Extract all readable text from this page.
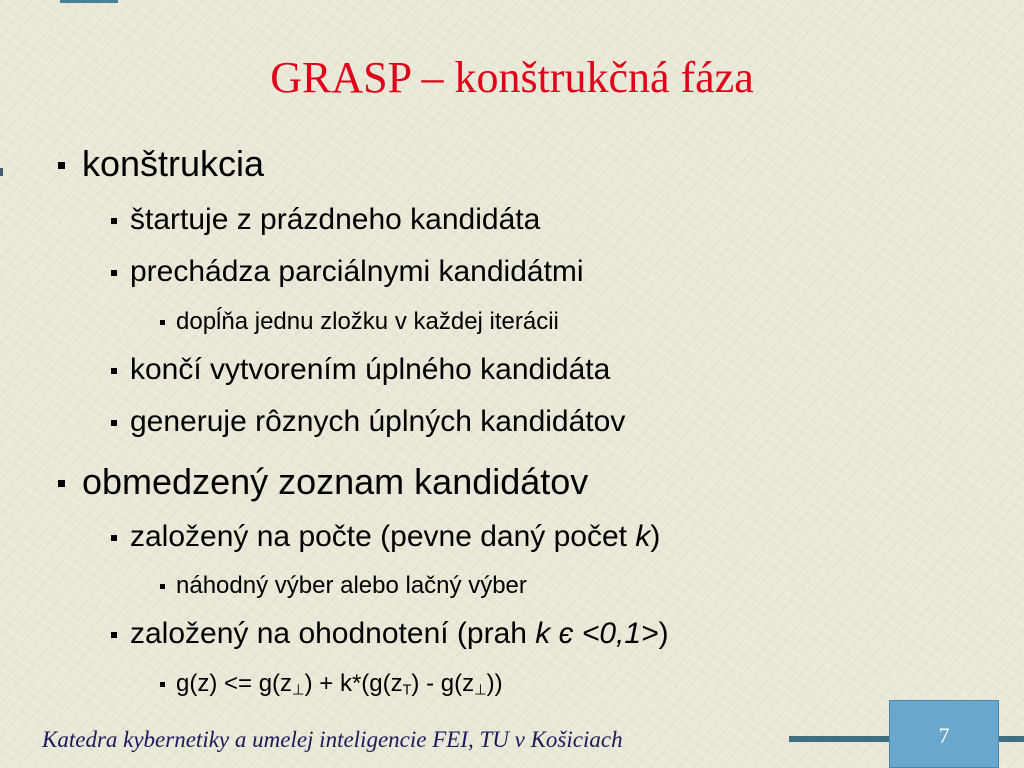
GRASP – konštrukčná fáza
konštrukcia
štartuje z prázdneho kandidáta
prechádza parciálnymi kandidátmi
dopĺňa jednu zložku v každej iterácii
končí vytvorením úplného kandidáta
generuje rôznych úplných kandidátov
obmedzený zoznam kandidátov
založený na počte (pevne daný počet k)
náhodný výber alebo lačný výber
založený na ohodnotení (prah k є <0,1>)
$g(z) <= g(z_\perp) + k*(g(z_T) - g(z_\perp))$
7
Katedra kybernetiky a umelej inteligencie FEI, TU v Košiciach
